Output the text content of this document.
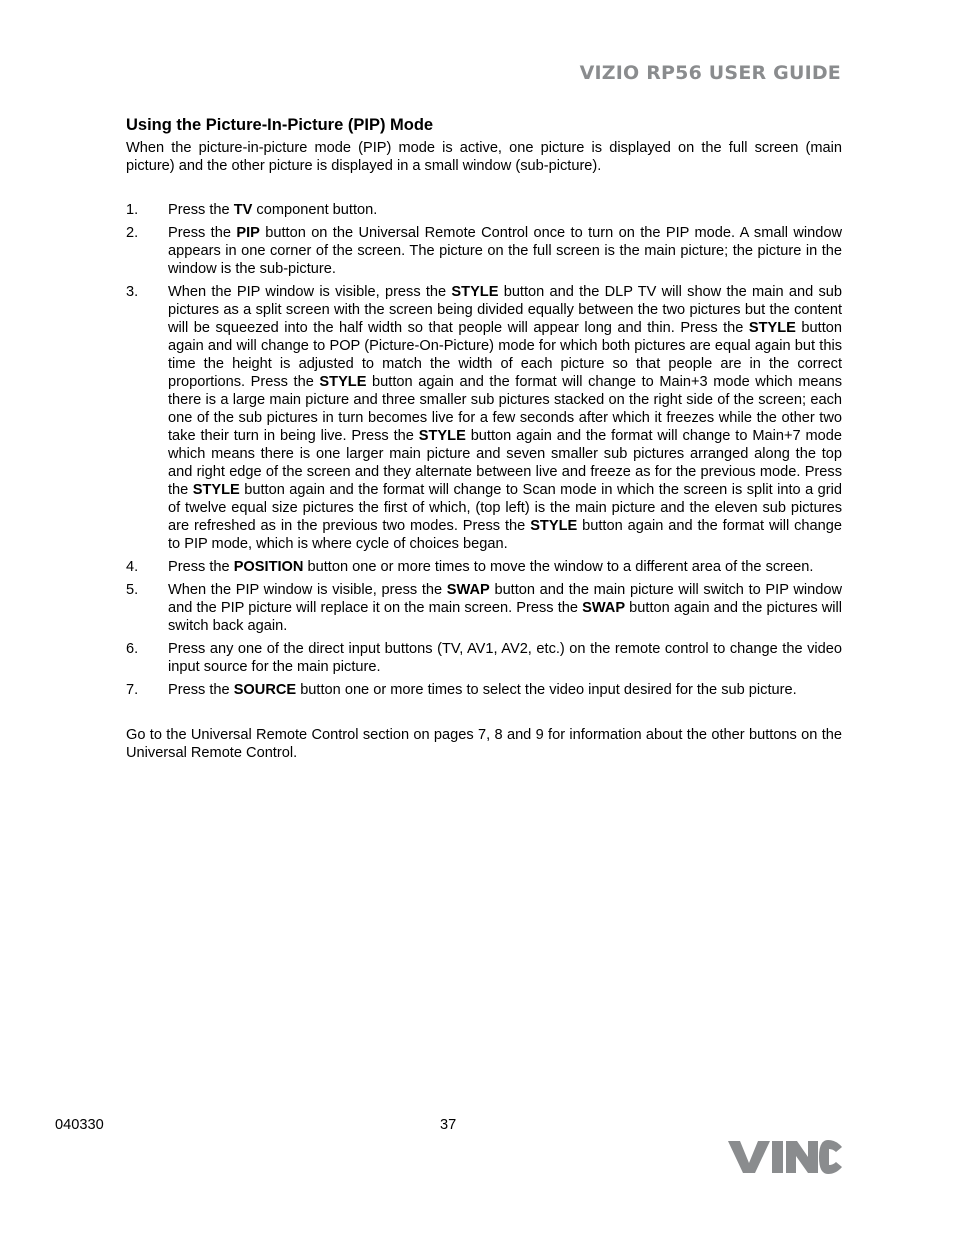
VIZIO RP56 USER GUIDE
Using the Picture-In-Picture (PIP) Mode

When the picture-in-picture mode (PIP) mode is active, one picture is displayed on the full screen (main picture) and the other picture is displayed in a small window (sub-picture).

1. Press the TV component button.
2. Press the PIP button on the Universal Remote Control once to turn on the PIP mode. A small window appears in one corner of the screen. The picture on the full screen is the main picture; the picture in the window is the sub-picture.
3. When the PIP window is visible, press the STYLE button and the DLP TV will show the main and sub pictures as a split screen with the screen being divided equally between the two pictures but the content will be squeezed into the half width so that people will appear long and thin. Press the STYLE button again and will change to POP (Picture-On-Picture) mode for which both pictures are equal again but this time the height is adjusted to match the width of each picture so that people are in the correct proportions. Press the STYLE button again and the format will change to Main+3 mode which means there is a large main picture and three smaller sub pictures stacked on the right side of the screen; each one of the sub pictures in turn becomes live for a few seconds after which it freezes while the other two take their turn in being live. Press the STYLE button again and the format will change to Main+7 mode which means there is one larger main picture and seven smaller sub pictures arranged along the top and right edge of the screen and they alternate between live and freeze as for the previous mode. Press the STYLE button again and the format will change to Scan mode in which the screen is split into a grid of twelve equal size pictures the first of which, (top left) is the main picture and the eleven sub pictures are refreshed as in the previous two modes. Press the STYLE button again and the format will change to PIP mode, which is where cycle of choices began.
4. Press the POSITION button one or more times to move the window to a different area of the screen.
5. When the PIP window is visible, press the SWAP button and the main picture will switch to PIP window and the PIP picture will replace it on the main screen. Press the SWAP button again and the pictures will switch back again.
6. Press any one of the direct input buttons (TV, AV1, AV2, etc.) on the remote control to change the video input source for the main picture.
7. Press the SOURCE button one or more times to select the video input desired for the sub picture.

Go to the Universal Remote Control section on pages 7, 8 and 9 for information about the other buttons on the Universal Remote Control.

040330	37
